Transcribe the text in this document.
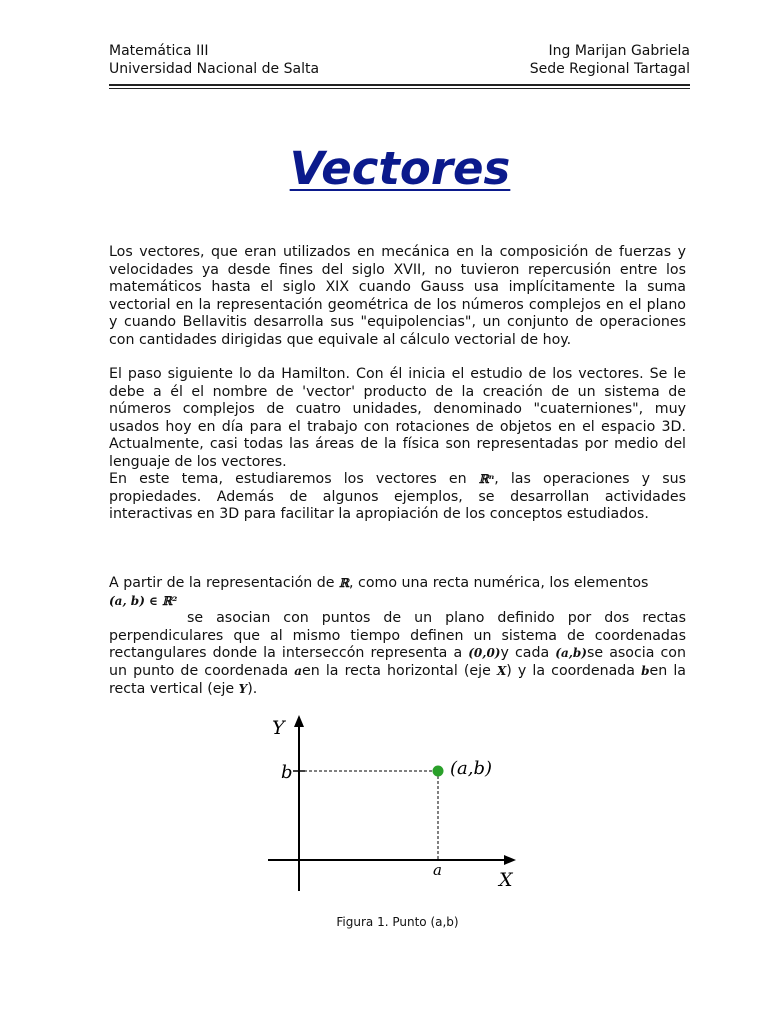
Matemática III
Universidad Nacional de Salta
Ing Marijan Gabriela
Sede Regional Tartagal
Vectores

Los vectores, que eran utilizados en mecánica en la composición de fuerzas y velocidades ya desde fines del siglo XVII, no tuvieron repercusión entre los matemáticos hasta el siglo XIX cuando Gauss usa implícitamente la suma vectorial en la representación geométrica de los números complejos en el plano y cuando Bellavitis desarrolla sus "equipolencias", un conjunto de operaciones con cantidades dirigidas que equivale al cálculo vectorial de hoy.

El paso siguiente lo da Hamilton. Con él inicia el estudio de los vectores. Se le debe a él el nombre de 'vector' producto de la creación de un sistema de números complejos de cuatro unidades, denominado "cuaterniones", muy usados hoy en día para el trabajo con rotaciones de objetos en el espacio 3D. Actualmente, casi todas las áreas de la física son representadas por medio del lenguaje de los vectores.

En este tema, estudiaremos los vectores en ℝⁿ, las operaciones y sus propiedades. Además de algunos ejemplos, se desarrollan actividades interactivas en 3D para facilitar la apropiación de los conceptos estudiados.

A partir de la representación de ℝ, como una recta numérica, los elementos
(a, b) ∈ ℝ²
se asocian con puntos de un plano definido por dos rectas perpendiculares que al mismo tiempo definen un sistema de coordenadas rectangulares donde la interseccón representa a (0,0)y cada (a,b)se asocia con un punto de coordenada aen la recta horizontal (eje X) y la coordenada ben la recta vertical (eje Y).

Y
X
b
a
(a,b)
Figura 1. Punto (a,b)
